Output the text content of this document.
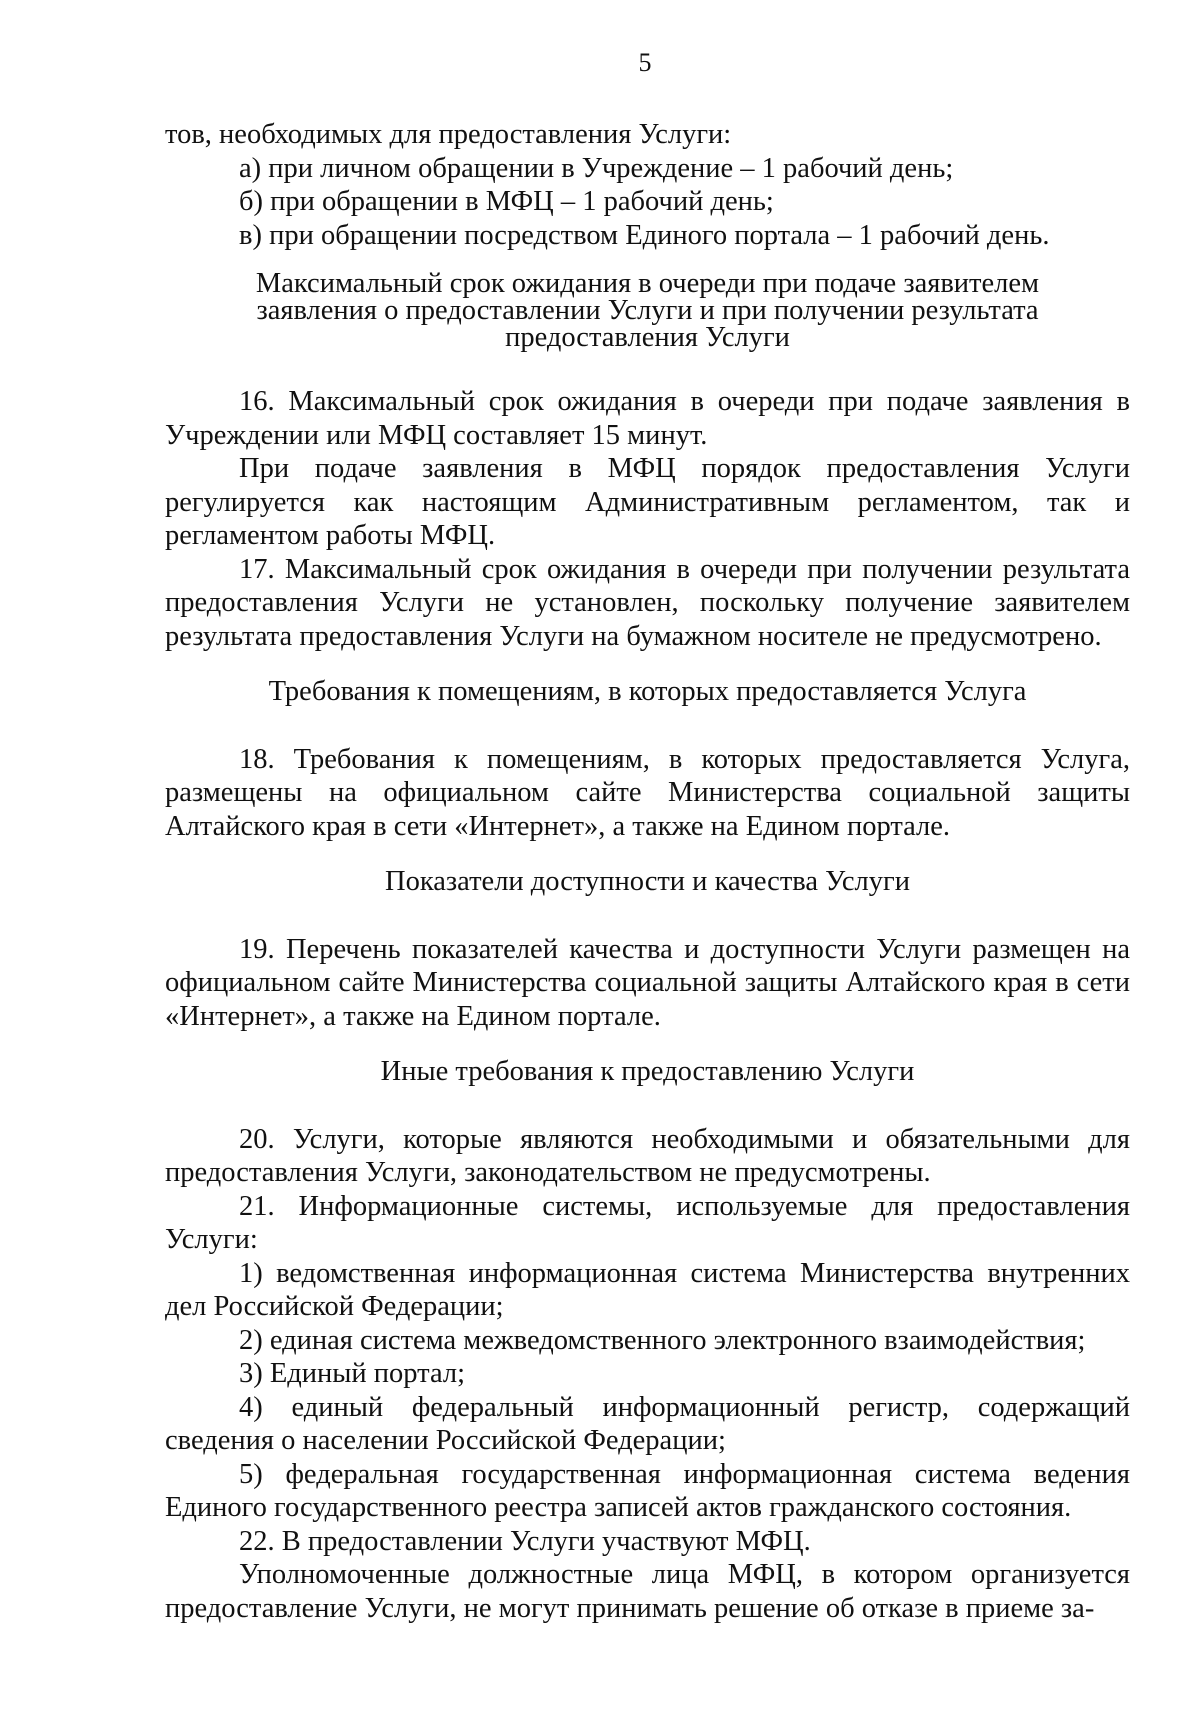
5

тов, необходимых для предоставления Услуги:

а) при личном обращении в Учреждение – 1 рабочий день;

б) при обращении в МФЦ – 1 рабочий день;

в) при обращении посредством Единого портала – 1 рабочий день.

Максимальный срок ожидания в очереди при подаче заявителем
заявления о предоставлении Услуги и при получении результата
предоставления Услуги

16. Максимальный срок ожидания в очереди при подаче заявления в Учреждении или МФЦ составляет 15 минут.

При подаче заявления в МФЦ порядок предоставления Услуги регулируется как настоящим Административным регламентом, так и регламентом работы МФЦ.

17. Максимальный срок ожидания в очереди при получении результата предоставления Услуги не установлен, поскольку получение заявителем результата предоставления Услуги на бумажном носителе не предусмотрено.

Требования к помещениям, в которых предоставляется Услуга

18. Требования к помещениям, в которых предоставляется Услуга, размещены на официальном сайте Министерства социальной защиты Алтайского края в сети «Интернет», а также на Едином портале.

Показатели доступности и качества Услуги

19. Перечень показателей качества и доступности Услуги размещен на официальном сайте Министерства социальной защиты Алтайского края в сети «Интернет», а также на Едином портале.

Иные требования к предоставлению Услуги

20. Услуги, которые являются необходимыми и обязательными для предоставления Услуги, законодательством не предусмотрены.

21. Информационные системы, используемые для предоставления Услуги:

1) ведомственная информационная система Министерства внутренних дел Российской Федерации;

2) единая система межведомственного электронного взаимодействия;

3) Единый портал;

4) единый федеральный информационный регистр, содержащий сведения о населении Российской Федерации;

5) федеральная государственная информационная система ведения Единого государственного реестра записей актов гражданского состояния.

22. В предоставлении Услуги участвуют МФЦ.

Уполномоченные должностные лица МФЦ, в котором организуется предоставление Услуги, не могут принимать решение об отказе в приеме за-
